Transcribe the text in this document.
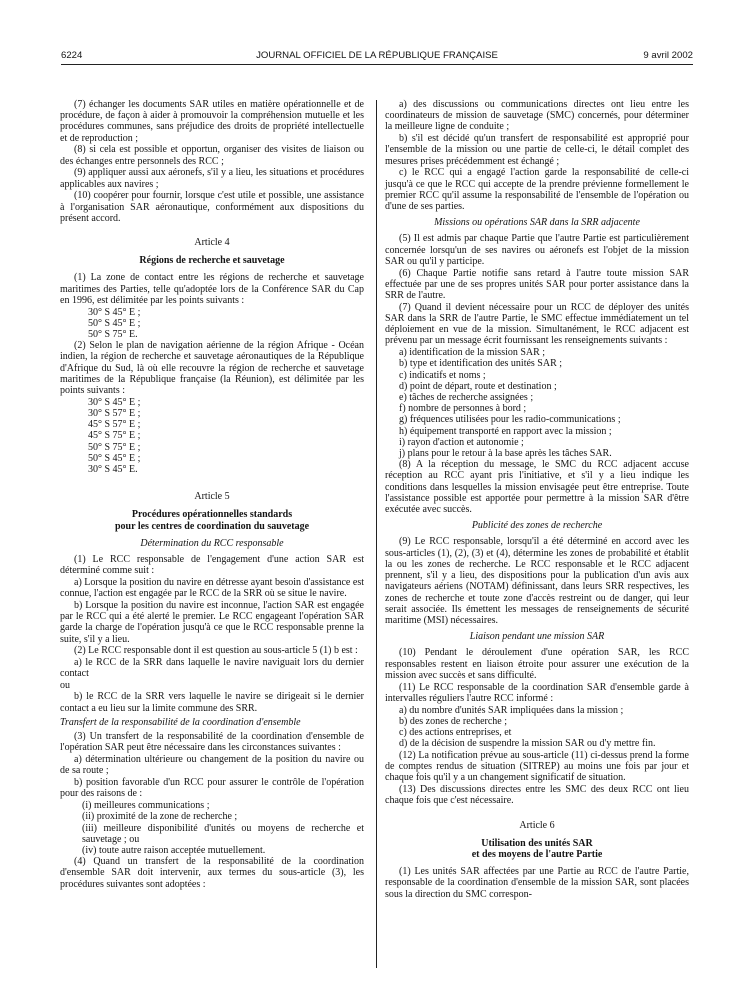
6224	JOURNAL OFFICIEL DE LA RÉPUBLIQUE FRANÇAISE	9 avril 2002

(7) échanger les documents SAR utiles en matière opérationnelle et de procédure, de façon à aider à promouvoir la compréhension mutuelle et les procédures communes, sans préjudice des droits de propriété intellectuelle et de reproduction ;

(8) si cela est possible et opportun, organiser des visites de liaison ou des échanges entre personnels des RCC ;

(9) appliquer aussi aux aéronefs, s'il y a lieu, les situations et procédures applicables aux navires ;

(10) coopérer pour fournir, lorsque c'est utile et possible, une assistance à l'organisation SAR aéronautique, conformément aux dispositions du présent accord.

Article 4

Régions de recherche et sauvetage

(1) La zone de contact entre les régions de recherche et sauvetage maritimes des Parties, telle qu'adoptée lors de la Conférence SAR du Cap en 1996, est délimitée par les points suivants :

30° S 45° E ;

50° S 45° E ;

50° S 75° E.

(2) Selon le plan de navigation aérienne de la région Afrique - Océan indien, la région de recherche et sauvetage aéronautiques de la République d'Afrique du Sud, là où elle recouvre la région de recherche et sauvetage maritimes de la République française (la Réunion), est délimitée par les points suivants :

30° S 45° E ;

30° S 57° E ;

45° S 57° E ;

45° S 75° E ;

50° S 75° E ;

50° S 45° E ;

30° S 45° E.

Article 5

Procédures opérationnelles standards

pour les centres de coordination du sauvetage

Détermination du RCC responsable

(1) Le RCC responsable de l'engagement d'une action SAR est déterminé comme suit :

a) Lorsque la position du navire en détresse ayant besoin d'assistance est connue, l'action est engagée par le RCC de la SRR où se situe le navire.

b) Lorsque la position du navire est inconnue, l'action SAR est engagée par le RCC qui a été alerté le premier. Le RCC engageant l'opération SAR garde la charge de l'opération jusqu'à ce que le RCC responsable prenne la suite, s'il y a lieu.

(2) Le RCC responsable dont il est question au sous-article 5 (1) b est :

a) le RCC de la SRR dans laquelle le navire naviguait lors du dernier contact

ou

b) le RCC de la SRR vers laquelle le navire se dirigeait si le dernier contact a eu lieu sur la limite commune des SRR.

Transfert de la responsabilité de la coordination d'ensemble

(3) Un transfert de la responsabilité de la coordination d'ensemble de l'opération SAR peut être nécessaire dans les circonstances suivantes :

a) détermination ultérieure ou changement de la position du navire ou de sa route ;

b) position favorable d'un RCC pour assurer le contrôle de l'opération pour des raisons de :

(i) meilleures communications ;

(ii) proximité de la zone de recherche ;

(iii) meilleure disponibilité d'unités ou moyens de recherche et sauvetage ; ou

(iv) toute autre raison acceptée mutuellement.

(4) Quand un transfert de la responsabilité de la coordination d'ensemble SAR doit intervenir, aux termes du sous-article (3), les procédures suivantes sont adoptées :

a) des discussions ou communications directes ont lieu entre les coordinateurs de mission de sauvetage (SMC) concernés, pour déterminer la meilleure ligne de conduite ;

b) s'il est décidé qu'un transfert de responsabilité est approprié pour l'ensemble de la mission ou une partie de celle-ci, le détail complet des mesures prises précédemment est échangé ;

c) le RCC qui a engagé l'action garde la responsabilité de celle-ci jusqu'à ce que le RCC qui accepte de la prendre prévienne formellement le premier RCC qu'il assume la responsabilité de l'ensemble de l'opération ou d'une de ses parties.

Missions ou opérations SAR dans la SRR adjacente

(5) Il est admis par chaque Partie que l'autre Partie est particulièrement concernée lorsqu'un de ses navires ou aéronefs est l'objet de la mission SAR ou qu'il y participe.

(6) Chaque Partie notifie sans retard à l'autre toute mission SAR effectuée par une de ses propres unités SAR pour porter assistance dans la SRR de l'autre.

(7) Quand il devient nécessaire pour un RCC de déployer des unités SAR dans la SRR de l'autre Partie, le SMC effectue immédiatement un tel déploiement en vue de la mission. Simultanément, le RCC adjacent est prévenu par un message écrit fournissant les renseignements suivants :

a) identification de la mission SAR ;

b) type et identification des unités SAR ;

c) indicatifs et noms ;

d) point de départ, route et destination ;

e) tâches de recherche assignées ;

f) nombre de personnes à bord ;

g) fréquences utilisées pour les radio-communications ;

h) équipement transporté en rapport avec la mission ;

i) rayon d'action et autonomie ;

j) plans pour le retour à la base après les tâches SAR.

(8) A la réception du message, le SMC du RCC adjacent accuse réception au RCC ayant pris l'initiative, et s'il y a lieu indique les conditions dans lesquelles la mission envisagée peut être entreprise. Toute l'assistance possible est apportée pour permettre à la mission SAR d'être exécutée avec succès.

Publicité des zones de recherche

(9) Le RCC responsable, lorsqu'il a été déterminé en accord avec les sous-articles (1), (2), (3) et (4), détermine les zones de probabilité et établit la ou les zones de recherche. Le RCC responsable et le RCC adjacent prennent, s'il y a lieu, des dispositions pour la publication d'un avis aux navigateurs aériens (NOTAM) définissant, dans leurs SRR respectives, les zones de recherche et toute zone d'accès restreint ou de danger, qui leur serait associée. Ils émettent les messages de renseignements de sécurité maritime (MSI) nécessaires.

Liaison pendant une mission SAR

(10) Pendant le déroulement d'une opération SAR, les RCC responsables restent en liaison étroite pour assurer une exécution de la mission avec succès et sans difficulté.

(11) Le RCC responsable de la coordination SAR d'ensemble garde à intervalles réguliers l'autre RCC informé :

a) du nombre d'unités SAR impliquées dans la mission ;

b) des zones de recherche ;

c) des actions entreprises, et

d) de la décision de suspendre la mission SAR ou d'y mettre fin.

(12) La notification prévue au sous-article (11) ci-dessus prend la forme de comptes rendus de situation (SITREP) au moins une fois par jour et chaque fois qu'il y a un changement significatif de situation.

(13) Des discussions directes entre les SMC des deux RCC ont lieu chaque fois que c'est nécessaire.

Article 6

Utilisation des unités SAR

et des moyens de l'autre Partie

(1) Les unités SAR affectées par une Partie au RCC de l'autre Partie, responsable de la coordination d'ensemble de la mission SAR, sont placées sous la direction du SMC correspon-
